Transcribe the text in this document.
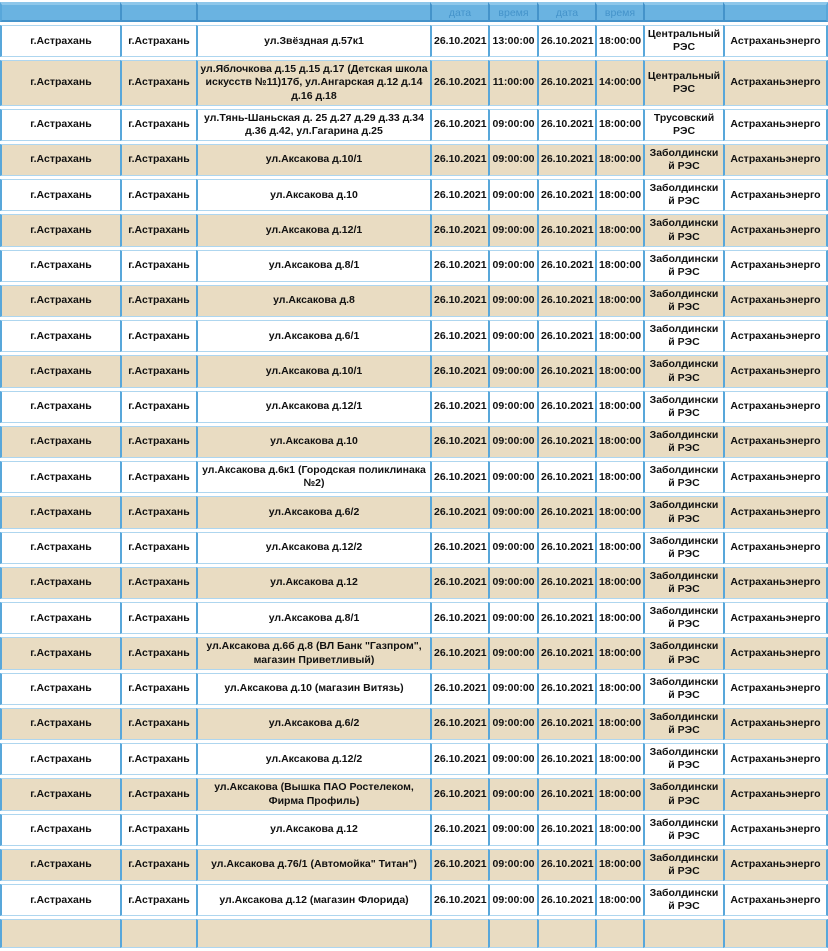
			дата	время	дата	время		
г.Астрахань	г.Астрахань	ул.Звёздная д.57к1	26.10.2021	13:00:00	26.10.2021	18:00:00	Центральный РЭС	Астраханьэнерго
г.Астрахань	г.Астрахань	ул.Яблочкова д.15 д.15 д.17 (Детская школа искусств №11)17б, ул.Ангарская д.12 д.14 д.16 д.18	26.10.2021	11:00:00	26.10.2021	14:00:00	Центральный РЭС	Астраханьэнерго
г.Астрахань	г.Астрахань	ул.Тянь-Шаньская д. 25 д.27 д.29 д.33 д.34 д.36 д.42, ул.Гагарина д.25	26.10.2021	09:00:00	26.10.2021	18:00:00	Трусовский РЭС	Астраханьэнерго
г.Астрахань	г.Астрахань	ул.Аксакова д.10/1	26.10.2021	09:00:00	26.10.2021	18:00:00	Заболдинский РЭС	Астраханьэнерго
г.Астрахань	г.Астрахань	ул.Аксакова д.10	26.10.2021	09:00:00	26.10.2021	18:00:00	Заболдинский РЭС	Астраханьэнерго
г.Астрахань	г.Астрахань	ул.Аксакова д.12/1	26.10.2021	09:00:00	26.10.2021	18:00:00	Заболдинский РЭС	Астраханьэнерго
г.Астрахань	г.Астрахань	ул.Аксакова д.8/1	26.10.2021	09:00:00	26.10.2021	18:00:00	Заболдинский РЭС	Астраханьэнерго
г.Астрахань	г.Астрахань	ул.Аксакова д.8	26.10.2021	09:00:00	26.10.2021	18:00:00	Заболдинский РЭС	Астраханьэнерго
г.Астрахань	г.Астрахань	ул.Аксакова д.6/1	26.10.2021	09:00:00	26.10.2021	18:00:00	Заболдинский РЭС	Астраханьэнерго
г.Астрахань	г.Астрахань	ул.Аксакова д.10/1	26.10.2021	09:00:00	26.10.2021	18:00:00	Заболдинский РЭС	Астраханьэнерго
г.Астрахань	г.Астрахань	ул.Аксакова д.12/1	26.10.2021	09:00:00	26.10.2021	18:00:00	Заболдинский РЭС	Астраханьэнерго
г.Астрахань	г.Астрахань	ул.Аксакова д.10	26.10.2021	09:00:00	26.10.2021	18:00:00	Заболдинский РЭС	Астраханьэнерго
г.Астрахань	г.Астрахань	ул.Аксакова д.6к1 (Городская поликлинака №2)	26.10.2021	09:00:00	26.10.2021	18:00:00	Заболдинский РЭС	Астраханьэнерго
г.Астрахань	г.Астрахань	ул.Аксакова д.6/2	26.10.2021	09:00:00	26.10.2021	18:00:00	Заболдинский РЭС	Астраханьэнерго
г.Астрахань	г.Астрахань	ул.Аксакова д.12/2	26.10.2021	09:00:00	26.10.2021	18:00:00	Заболдинский РЭС	Астраханьэнерго
г.Астрахань	г.Астрахань	ул.Аксакова д.12	26.10.2021	09:00:00	26.10.2021	18:00:00	Заболдинский РЭС	Астраханьэнерго
г.Астрахань	г.Астрахань	ул.Аксакова д.8/1	26.10.2021	09:00:00	26.10.2021	18:00:00	Заболдинский РЭС	Астраханьэнерго
г.Астрахань	г.Астрахань	ул.Аксакова д.6б д.8 (ВЛ Банк "Газпром", магазин Приветливый)	26.10.2021	09:00:00	26.10.2021	18:00:00	Заболдинский РЭС	Астраханьэнерго
г.Астрахань	г.Астрахань	ул.Аксакова д.10 (магазин Витязь)	26.10.2021	09:00:00	26.10.2021	18:00:00	Заболдинский РЭС	Астраханьэнерго
г.Астрахань	г.Астрахань	ул.Аксакова д.6/2	26.10.2021	09:00:00	26.10.2021	18:00:00	Заболдинский РЭС	Астраханьэнерго
г.Астрахань	г.Астрахань	ул.Аксакова д.12/2	26.10.2021	09:00:00	26.10.2021	18:00:00	Заболдинский РЭС	Астраханьэнерго
г.Астрахань	г.Астрахань	ул.Аксакова (Вышка ПАО Ростелеком, Фирма Профиль)	26.10.2021	09:00:00	26.10.2021	18:00:00	Заболдинский РЭС	Астраханьэнерго
г.Астрахань	г.Астрахань	ул.Аксакова д.12	26.10.2021	09:00:00	26.10.2021	18:00:00	Заболдинский РЭС	Астраханьэнерго
г.Астрахань	г.Астрахань	ул.Аксакова д.76/1 (Автомойка" Титан")	26.10.2021	09:00:00	26.10.2021	18:00:00	Заболдинский РЭС	Астраханьэнерго
г.Астрахань	г.Астрахань	ул.Аксакова д.12 (магазин Флорида)	26.10.2021	09:00:00	26.10.2021	18:00:00	Заболдинский РЭС	Астраханьэнерго
